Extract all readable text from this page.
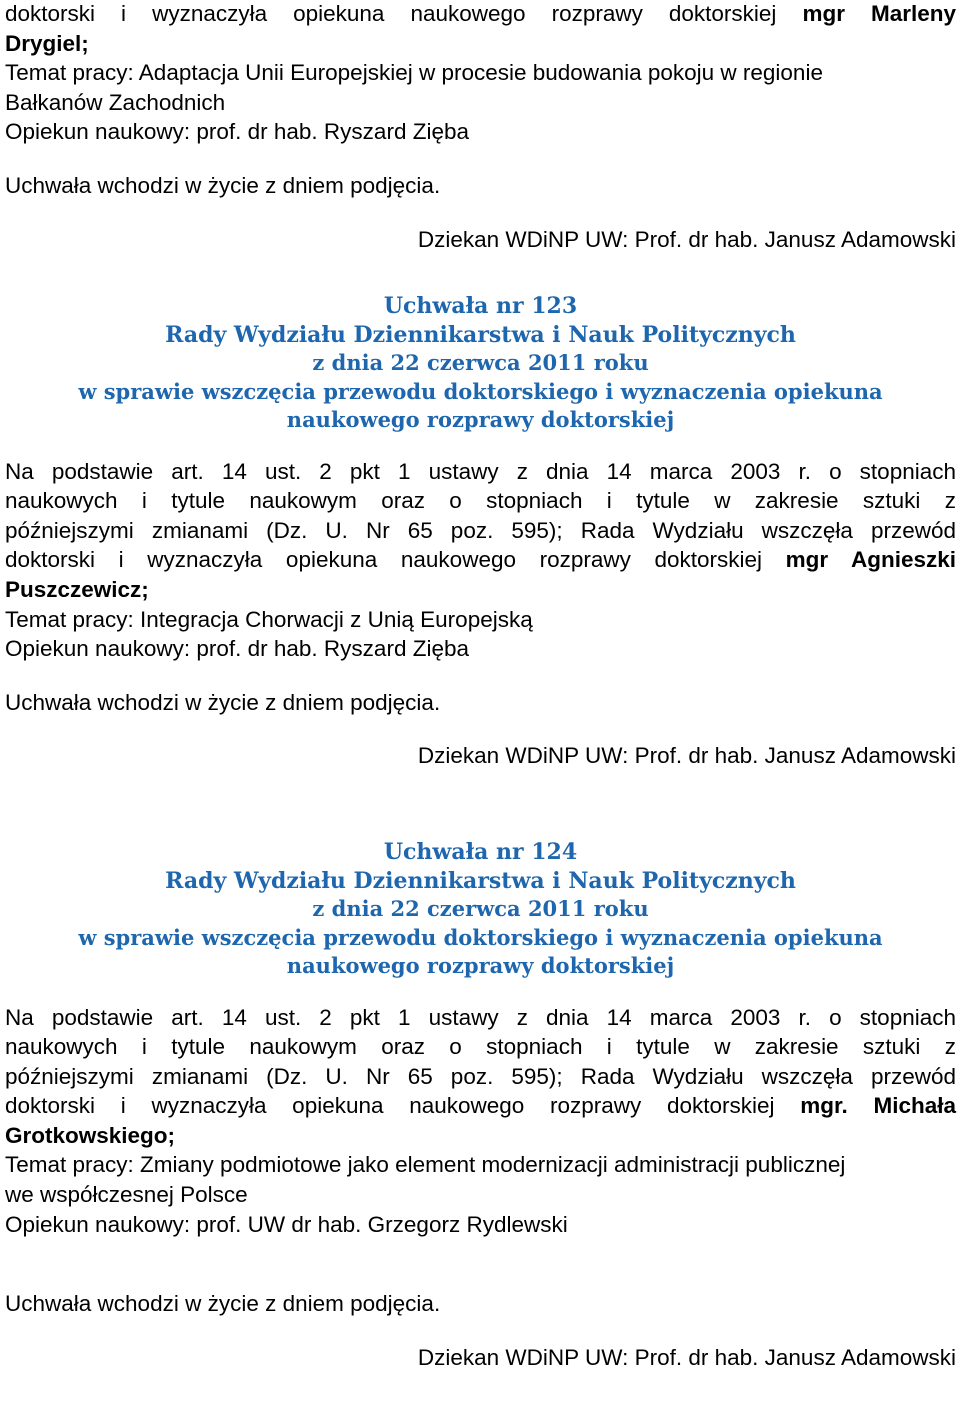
doktorski i wyznaczyła opiekuna naukowego rozprawy doktorskiej mgr Marleny

Drygiel;

Temat pracy: Adaptacja Unii Europejskiej w procesie budowania pokoju w regionie

Bałkanów Zachodnich

Opiekun naukowy: prof. dr hab. Ryszard Zięba

Uchwała wchodzi w życie z dniem podjęcia.

Dziekan WDiNP UW: Prof. dr hab. Janusz Adamowski

Uchwała nr 123

Rady Wydziału Dziennikarstwa i Nauk Politycznych

z dnia 22 czerwca 2011 roku

w sprawie wszczęcia przewodu doktorskiego i wyznaczenia opiekuna

naukowego rozprawy doktorskiej

Na podstawie art. 14 ust. 2 pkt 1 ustawy z dnia 14 marca 2003 r. o stopniach

naukowych i tytule naukowym oraz o stopniach i tytule w zakresie sztuki z

późniejszymi zmianami (Dz. U. Nr 65 poz. 595); Rada Wydziału wszczęła przewód

doktorski i wyznaczyła opiekuna naukowego rozprawy doktorskiej mgr Agnieszki

Puszczewicz;

Temat pracy: Integracja Chorwacji z Unią Europejską

Opiekun naukowy: prof. dr hab. Ryszard Zięba

Uchwała wchodzi w życie z dniem podjęcia.

Dziekan WDiNP UW: Prof. dr hab. Janusz Adamowski

Uchwała nr 124

Rady Wydziału Dziennikarstwa i Nauk Politycznych

z dnia 22 czerwca 2011 roku

w sprawie wszczęcia przewodu doktorskiego i wyznaczenia opiekuna

naukowego rozprawy doktorskiej

Na podstawie art. 14 ust. 2 pkt 1 ustawy z dnia 14 marca 2003 r. o stopniach

naukowych i tytule naukowym oraz o stopniach i tytule w zakresie sztuki z

późniejszymi zmianami (Dz. U. Nr 65 poz. 595); Rada Wydziału wszczęła przewód

doktorski i wyznaczyła opiekuna naukowego rozprawy doktorskiej mgr. Michała

Grotkowskiego;

Temat pracy: Zmiany podmiotowe jako element modernizacji administracji publicznej

we współczesnej Polsce

Opiekun naukowy: prof. UW dr hab. Grzegorz Rydlewski

Uchwała wchodzi w życie z dniem podjęcia.

Dziekan WDiNP UW: Prof. dr hab. Janusz Adamowski
